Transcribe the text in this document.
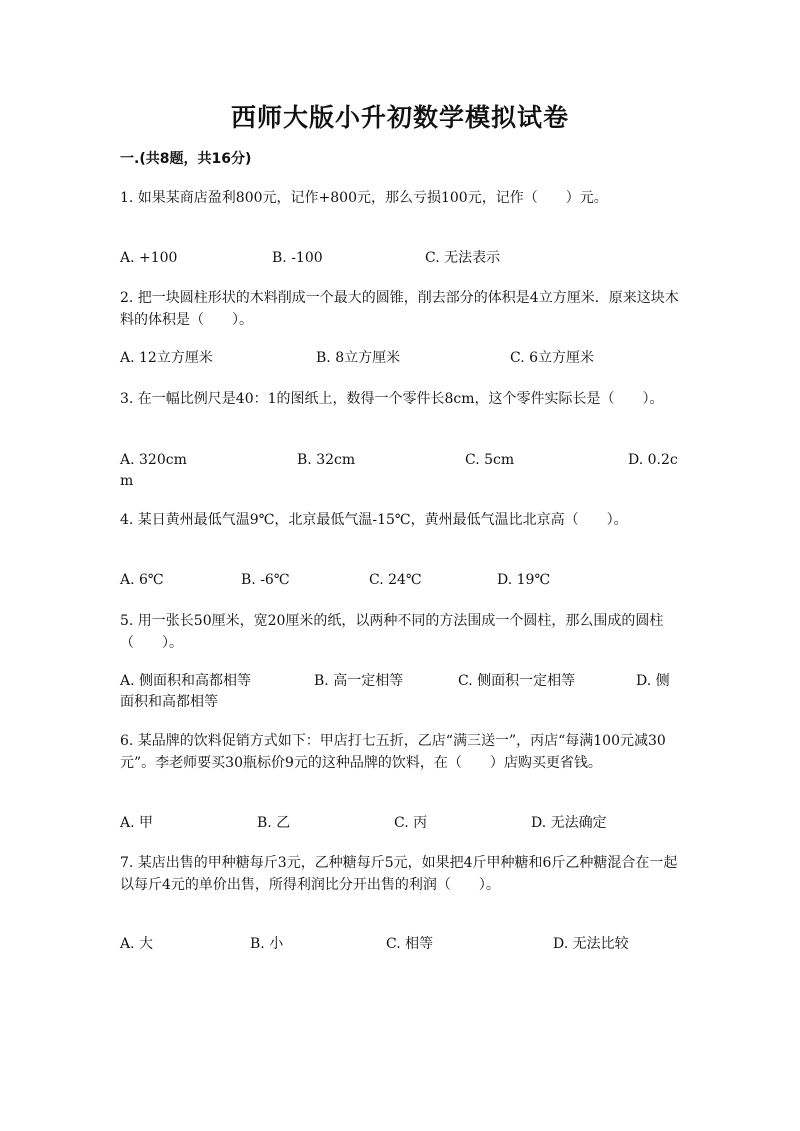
西师大版小升初数学模拟试卷
一.(共8题，共16分)
1. 如果某商店盈利800元，记作+800元，那么亏损100元，记作（　　）元。
A. +100	B. -100	C. 无法表示
2. 把一块圆柱形状的木料削成一个最大的圆锥，削去部分的体积是4立方厘米．原来这块木料的体积是（　　）。
A. 12立方厘米	B. 8立方厘米	C. 6立方厘米
3. 在一幅比例尺是40：1的图纸上，数得一个零件长8cm，这个零件实际长是（　　）。
A. 320cm	B. 32cm	C. 5cm	D. 0.2c
m
4. 某日黄州最低气温9℃，北京最低气温-15℃，黄州最低气温比北京高（　　）。
A. 6℃	B. -6℃	C. 24℃	D. 19℃
5. 用一张长50厘米，宽20厘米的纸，以两种不同的方法围成一个圆柱，那么围成的圆柱（　　）。
A. 侧面积和高都相等	B. 高一定相等	C. 侧面积一定相等	D. 侧
面积和高都相等
6. 某品牌的饮料促销方式如下：甲店打七五折，乙店“满三送一”，丙店“每满100元减30元”。李老师要买30瓶标价9元的这种品牌的饮料，在（　　）店购买更省钱。
A. 甲	B. 乙	C. 丙	D. 无法确定
7. 某店出售的甲种糖每斤3元，乙种糖每斤5元，如果把4斤甲种糖和6斤乙种糖混合在一起以每斤4元的单价出售，所得利润比分开出售的利润（　　）。
A. 大	B. 小	C. 相等	D. 无法比较
